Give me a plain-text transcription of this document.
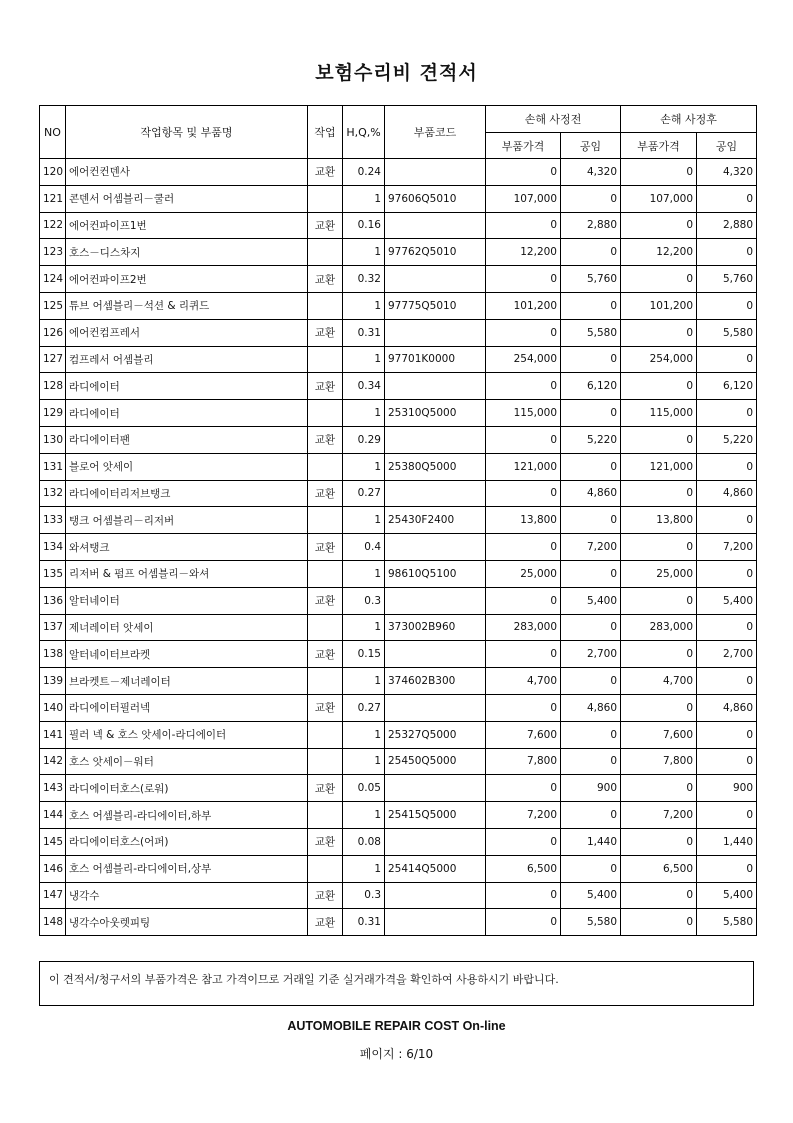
보험수리비 견적서
NO	작업항목 및 부품명	작업	H,Q,%	부품코드	손해 사정전		손해 사정후	
					부품가격	공임	부품가격	공임
120	에어컨컨덴사	교환	0.24		0	4,320	0	4,320
121	콘덴서 어셈블리－쿨러		1	97606Q5010	107,000	0	107,000	0
122	에어컨파이프1번	교환	0.16		0	2,880	0	2,880
123	호스－디스차지		1	97762Q5010	12,200	0	12,200	0
124	에어컨파이프2번	교환	0.32		0	5,760	0	5,760
125	튜브 어셈블리－석션 & 리퀴드		1	97775Q5010	101,200	0	101,200	0
126	에어컨컴프레서	교환	0.31		0	5,580	0	5,580
127	컴프레서 어셈블리		1	97701K0000	254,000	0	254,000	0
128	라디에이터	교환	0.34		0	6,120	0	6,120
129	라디에이터		1	25310Q5000	115,000	0	115,000	0
130	라디에이터팬	교환	0.29		0	5,220	0	5,220
131	블로어 앗세이		1	25380Q5000	121,000	0	121,000	0
132	라디에이터리저브탱크	교환	0.27		0	4,860	0	4,860
133	탱크 어셈블리－리저버		1	25430F2400	13,800	0	13,800	0
134	와셔탱크	교환	0.4		0	7,200	0	7,200
135	리저버 & 펌프 어셈블리－와셔		1	98610Q5100	25,000	0	25,000	0
136	알터네이터	교환	0.3		0	5,400	0	5,400
137	제너레이터 앗세이		1	373002B960	283,000	0	283,000	0
138	알터네이터브라켓	교환	0.15		0	2,700	0	2,700
139	브라켓트－제너레이터		1	374602B300	4,700	0	4,700	0
140	라디에이터필러넥	교환	0.27		0	4,860	0	4,860
141	필러 넥 & 호스 앗세이-라디에이터		1	25327Q5000	7,600	0	7,600	0
142	호스 앗세이－워터		1	25450Q5000	7,800	0	7,800	0
143	라디에이터호스(로워)	교환	0.05		0	900	0	900
144	호스 어셈블리-라디에이터,하부		1	25415Q5000	7,200	0	7,200	0
145	라디에이터호스(어퍼)	교환	0.08		0	1,440	0	1,440
146	호스 어셈블리-라디에이터,상부		1	25414Q5000	6,500	0	6,500	0
147	냉각수	교환	0.3		0	5,400	0	5,400
148	냉각수아웃렛피팅	교환	0.31		0	5,580	0	5,580
이 견적서/청구서의 부품가격은 참고 가격이므로 거래일 기준 실거래가격을 확인하여 사용하시기 바랍니다.
AUTOMOBILE REPAIR COST On-line
페이지 : 6/10
